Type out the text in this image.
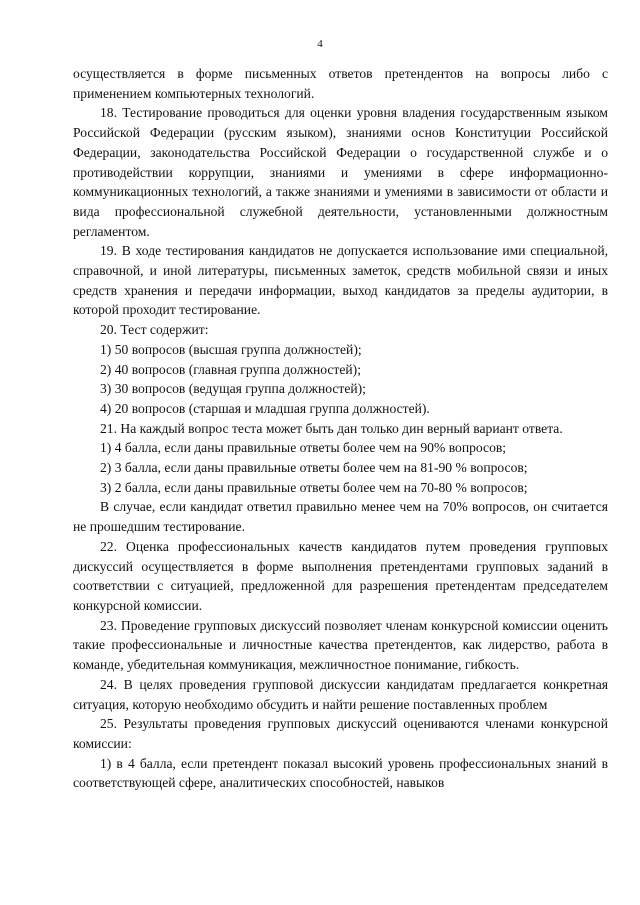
4

осуществляется в форме письменных ответов претендентов на вопросы либо с применением компьютерных технологий.

18. Тестирование проводиться для оценки уровня владения государственным языком Российской Федерации (русским языком), знаниями основ Конституции Российской Федерации, законодательства Российской Федерации о государственной службе и о противодействии коррупции, знаниями и умениями в сфере информационно-коммуникационных технологий, а также знаниями и умениями в зависимости от области и вида профессиональной служебной деятельности, установленными должностным регламентом.

19. В ходе тестирования кандидатов не допускается использование ими специальной, справочной, и иной литературы, письменных заметок, средств мобильной связи и иных средств хранения и передачи информации, выход кандидатов за пределы аудитории, в которой проходит тестирование.

20. Тест содержит:

1) 50 вопросов (высшая группа должностей);

2) 40 вопросов (главная группа должностей);

3) 30 вопросов (ведущая группа должностей);

4) 20 вопросов (старшая и младшая группа должностей).

21. На каждый вопрос теста может быть дан только дин верный вариант ответа.

1) 4 балла, если даны правильные ответы более чем на 90% вопросов;

2) 3 балла, если даны правильные ответы более чем на 81-90 % вопросов;

3) 2 балла, если даны правильные ответы более чем на 70-80 % вопросов;

В случае, если кандидат ответил правильно менее чем на 70% вопросов, он считается не прошедшим тестирование.

22. Оценка профессиональных качеств кандидатов путем проведения групповых дискуссий осуществляется в форме выполнения претендентами групповых заданий в соответствии с ситуацией, предложенной для разрешения претендентам председателем конкурсной комиссии.

23. Проведение групповых дискуссий позволяет членам конкурсной комиссии оценить такие профессиональные и личностные качества претендентов, как лидерство, работа в команде, убедительная коммуникация, межличностное понимание, гибкость.

24. В целях проведения групповой дискуссии кандидатам предлагается конкретная ситуация, которую необходимо обсудить и найти решение поставленных проблем

25. Результаты проведения групповых дискуссий оцениваются членами конкурсной комиссии:

1) в 4 балла, если претендент показал высокий уровень профессиональных знаний в соответствующей сфере, аналитических способностей, навыков
